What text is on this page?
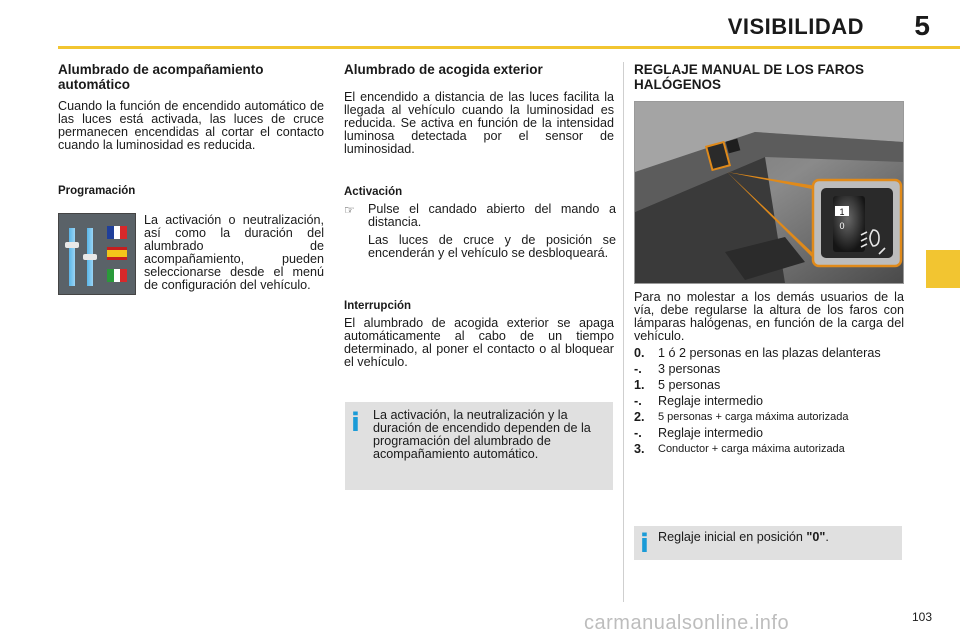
VISIBILIDAD 5
Alumbrado de acompañamiento automático

Cuando la función de encendido automático de las luces está activada, las luces de cruce permanecen encendidas al cortar el contacto cuando la luminosidad es reducida.

Programación

La activación o neutralización, así como la duración del alumbrado de acompañamiento, pueden seleccionarse desde el menú de configuración del vehículo.

Alumbrado de acogida exterior

El encendido a distancia de las luces facilita la llegada al vehículo cuando la luminosidad es reducida. Se activa en función de la intensidad luminosa detectada por el sensor de luminosidad.

Activación
☞	Pulse el candado abierto del mando a distancia.

Las luces de cruce y de posición se encenderán y el vehículo se desbloqueará.

Interrupción

El alumbrado de acogida exterior se apaga automáticamente al cabo de un tiempo determinado, al poner el contacto o al bloquear el vehículo.

i La activación, la neutralización y la duración de encendido dependen de la programación del alumbrado de acompañamiento automático.

REGLAJE MANUAL DE LOS FAROS HALÓGENOS
1
0

Para no molestar a los demás usuarios de la vía, debe regularse la altura de los faros con lámparas halógenas, en función de la carga del vehículo.

0.	1 ó 2 personas en las plazas delanteras
-.	3 personas
1.	5 personas
-.	Reglaje intermedio
2.	5 personas + carga máxima autorizada
-.	Reglaje intermedio
3.	Conductor + carga máxima autorizada
i Reglaje inicial en posición "0".
103
carmanualsonline.info
